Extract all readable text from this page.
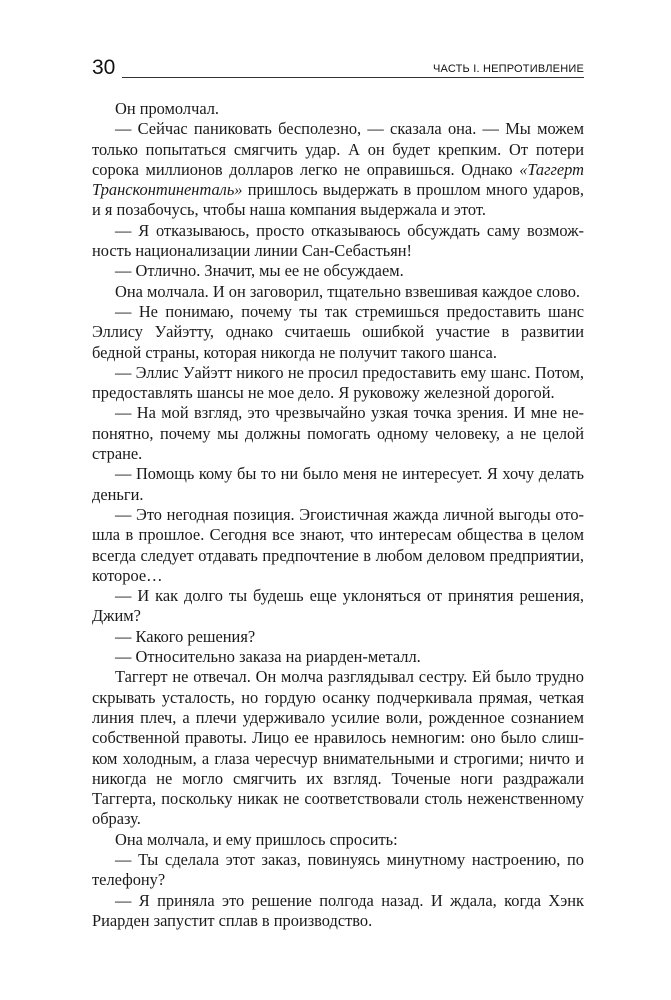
30	ЧАСТЬ I. НЕПРОТИВЛЕНИЕ

Он промолчал.

— Сейчас паниковать бесполезно, — сказала она. — Мы можем только попытаться смягчить удар. А он будет крепким. От потери сорока миллионов долларов легко не оправишься. Однако «Таггерт Трансконтиненталь» пришлось выдержать в прошлом много ударов, и я позабочусь, чтобы наша компания выдержала и этот.

— Я отказываюсь, просто отказываюсь обсуждать саму возможность национализации линии Сан-Себастьян!

— Отлично. Значит, мы ее не обсуждаем.

Она молчала. И он заговорил, тщательно взвешивая каждое слово.

— Не понимаю, почему ты так стремишься предоставить шанс Эллису Уайэтту, однако считаешь ошибкой участие в развитии бедной страны, которая никогда не получит такого шанса.

— Эллис Уайэтт никого не просил предоставить ему шанс. Потом, предоставлять шансы не мое дело. Я руковожу железной дорогой.

— На мой взгляд, это чрезвычайно узкая точка зрения. И мне непонятно, почему мы должны помогать одному человеку, а не целой стране.

— Помощь кому бы то ни было меня не интересует. Я хочу делать деньги.

— Это негодная позиция. Эгоистичная жажда личной выгоды отошла в прошлое. Сегодня все знают, что интересам общества в целом всегда следует отдавать предпочтение в любом деловом предприятии, которое…

— И как долго ты будешь еще уклоняться от принятия решения, Джим?

— Какого решения?

— Относительно заказа на риарден-металл.

Таггерт не отвечал. Он молча разглядывал сестру. Ей было трудно скрывать усталость, но гордую осанку подчеркивала прямая, четкая линия плеч, а плечи удерживало усилие воли, рожденное сознанием собственной правоты. Лицо ее нравилось немногим: оно было слишком холодным, а глаза чересчур внимательными и строгими; ничто и никогда не могло смягчить их взгляд. Точеные ноги раздражали Таггерта, поскольку никак не соответствовали столь неженственному образу.

Она молчала, и ему пришлось спросить:

— Ты сделала этот заказ, повинуясь минутному настроению, по телефону?

— Я приняла это решение полгода назад. И ждала, когда Хэнк Риарден запустит сплав в производство.
